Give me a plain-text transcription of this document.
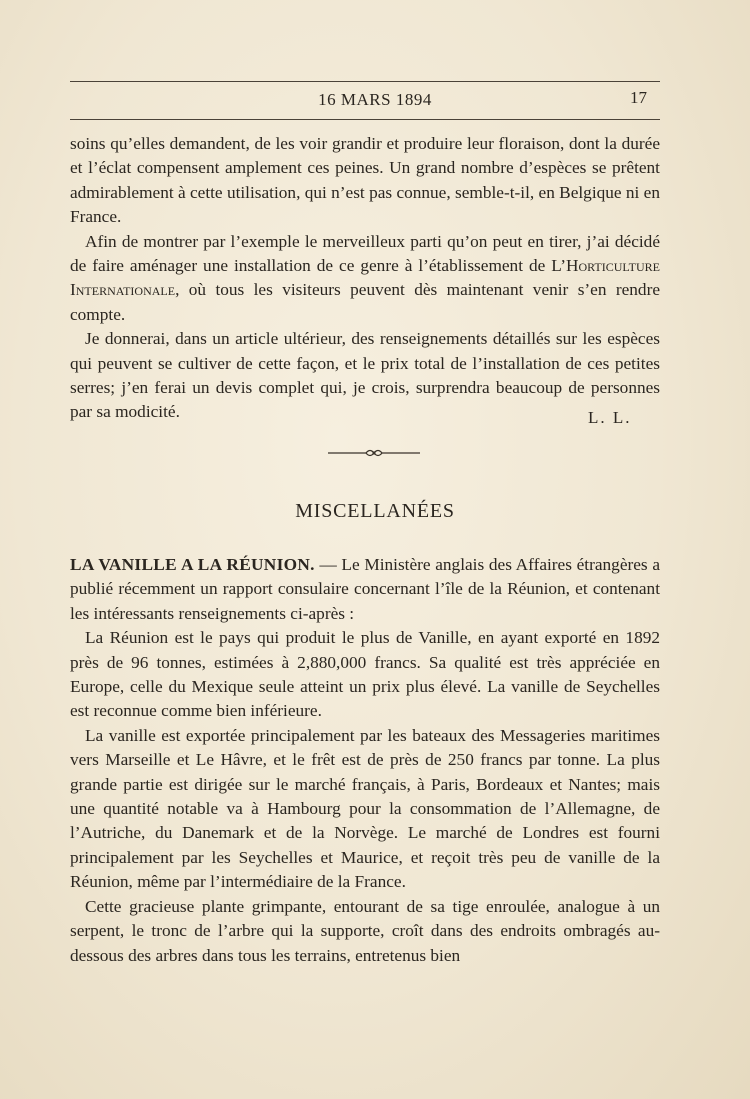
16 MARS 1894	17

soins qu’elles demandent, de les voir grandir et produire leur floraison, dont la durée et l’éclat compensent amplement ces peines. Un grand nombre d’espèces se prêtent admirablement à cette utilisation, qui n’est pas connue, semble-t-il, en Belgique ni en France.

Afin de montrer par l’exemple le merveilleux parti qu’on peut en tirer, j’ai décidé de faire aménager une installation de ce genre à l’établissement de L’Horticulture Internationale, où tous les visiteurs peuvent dès maintenant venir s’en rendre compte.

Je donnerai, dans un article ultérieur, des renseignements détaillés sur les espèces qui peuvent se cultiver de cette façon, et le prix total de l’installation de ces petites serres; j’en ferai un devis complet qui, je crois, surprendra beaucoup de personnes par sa modicité.	L. L.
MISCELLANÉES

LA VANILLE A LA RÉUNION. — Le Ministère anglais des Affaires étrangères a publié récemment un rapport consulaire concernant l’île de la Réunion, et contenant les intéressants renseignements ci-après :

La Réunion est le pays qui produit le plus de Vanille, en ayant exporté en 1892 près de 96 tonnes, estimées à 2,880,000 francs. Sa qualité est très appréciée en Europe, celle du Mexique seule atteint un prix plus élevé. La vanille de Seychelles est reconnue comme bien inférieure.

La vanille est exportée principalement par les bateaux des Messageries maritimes vers Marseille et Le Hâvre, et le frêt est de près de 250 francs par tonne. La plus grande partie est dirigée sur le marché français, à Paris, Bordeaux et Nantes; mais une quantité notable va à Hambourg pour la consommation de l’Allemagne, de l’Autriche, du Danemark et de la Norvège. Le marché de Londres est fourni principalement par les Seychelles et Maurice, et reçoit très peu de vanille de la Réunion, même par l’intermédiaire de la France.

Cette gracieuse plante grimpante, entourant de sa tige enroulée, analogue à un serpent, le tronc de l’arbre qui la supporte, croît dans des endroits ombragés au-dessous des arbres dans tous les terrains, entretenus bien
